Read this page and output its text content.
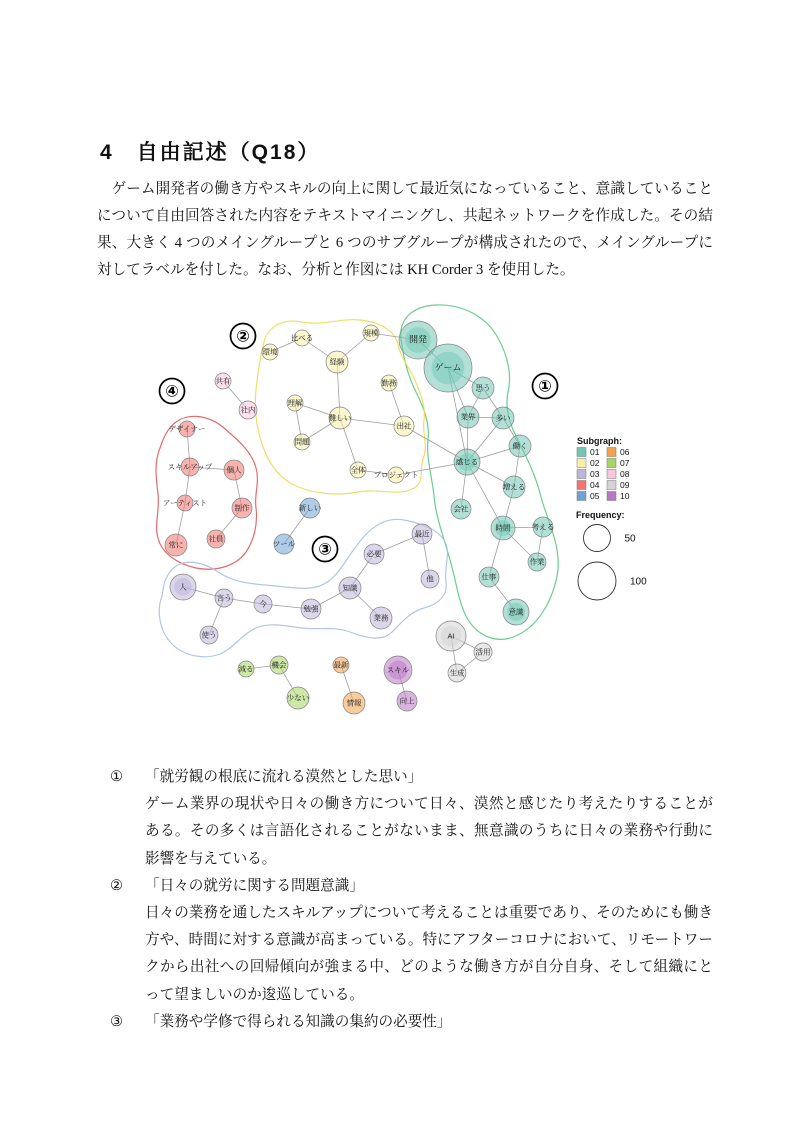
4　自由記述（Q18）
ゲーム開発者の働き方やスキルの向上に関して最近気になっていること、意識していることについて自由回答された内容をテキストマイニングし、共起ネットワークを作成した。その結果、大きく 4 つのメイングループと 6 つのサブグループが構成されたので、メイングループに対してラベルを付した。なお、分析と作図には KH Corder 3 を使用した。
開発
ゲーム
思う
業界	多い
働く
感じる
増える
会社
時間	考える
作業
仕事
意識
環境
比べる
規模
経験
勤務
理解
難しい
出社
問題
全体
プロジェクト
共有
社内
デザイナー
スキルアップ 個人
アーティスト
制作
常に
社員
新しい
ツール
最近
必要
他
知識
業務
勉強
今
言う
人
使う
減る 機会
少ない
最新
情報
スキル
向上
AI
活用
生成
①
②
③
④
Subgraph:
01
02
03
04
05
06
07
08
09
10
Frequency:
50
100
① 「就労観の根底に流れる漠然とした思い」
ゲーム業界の現状や日々の働き方について日々、漠然と感じたり考えたりすることがある。その多くは言語化されることがないまま、無意識のうちに日々の業務や行動に影響を与えている。
② 「日々の就労に関する問題意識」
日々の業務を通したスキルアップについて考えることは重要であり、そのためにも働き方や、時間に対する意識が高まっている。特にアフターコロナにおいて、リモートワークから出社への回帰傾向が強まる中、どのような働き方が自分自身、そして組織にとって望ましいのか逡巡している。
③ 「業務や学修で得られる知識の集約の必要性」
